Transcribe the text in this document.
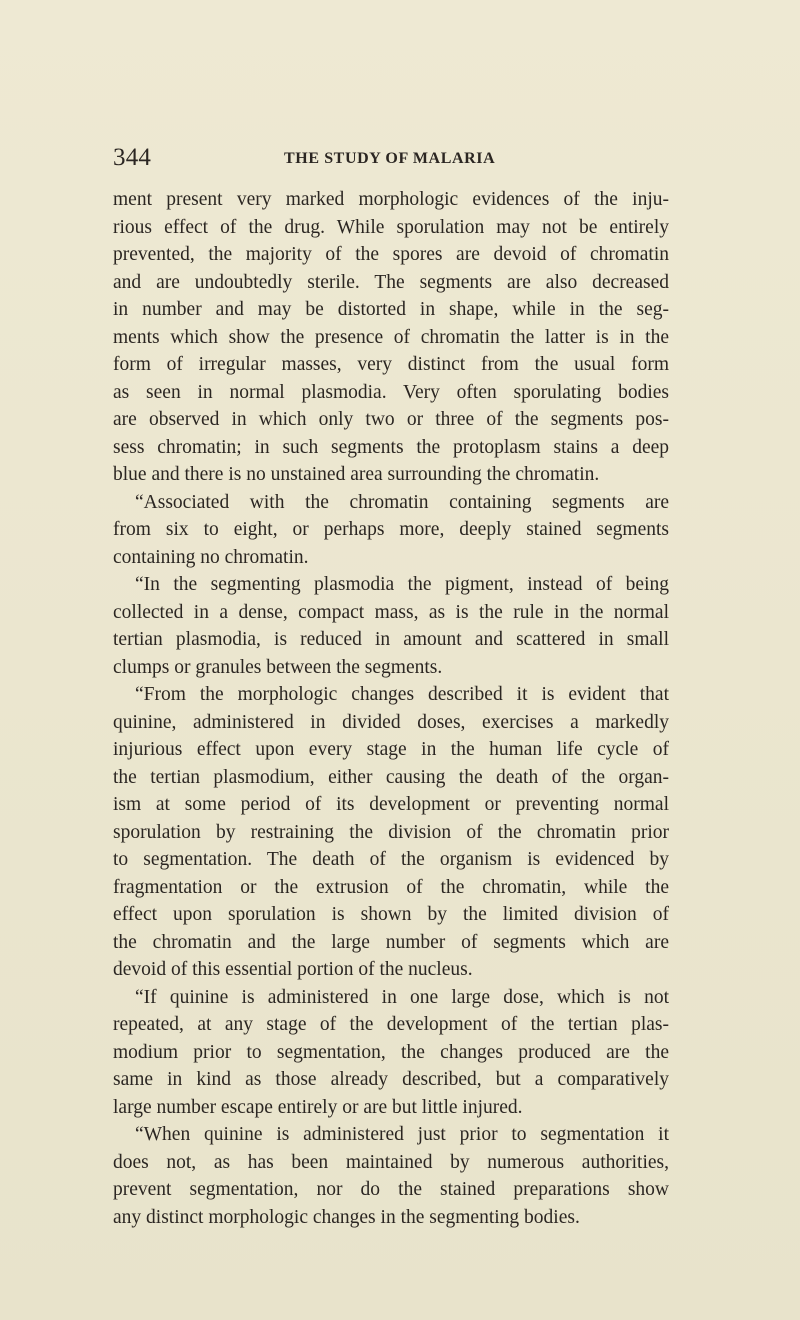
344	THE STUDY OF MALARIA
ment present very marked morphologic evidences of the inju-
rious effect of the drug. While sporulation may not be entirely
prevented, the majority of the spores are devoid of chromatin
and are undoubtedly sterile. The segments are also decreased
in number and may be distorted in shape, while in the seg-
ments which show the presence of chromatin the latter is in the
form of irregular masses, very distinct from the usual form
as seen in normal plasmodia. Very often sporulating bodies
are observed in which only two or three of the segments pos-
sess chromatin; in such segments the protoplasm stains a deep
blue and there is no unstained area surrounding the chromatin.
“Associated with the chromatin containing segments are
from six to eight, or perhaps more, deeply stained segments
containing no chromatin.
“In the segmenting plasmodia the pigment, instead of being
collected in a dense, compact mass, as is the rule in the normal
tertian plasmodia, is reduced in amount and scattered in small
clumps or granules between the segments.
“From the morphologic changes described it is evident that
quinine, administered in divided doses, exercises a markedly
injurious effect upon every stage in the human life cycle of
the tertian plasmodium, either causing the death of the organ-
ism at some period of its development or preventing normal
sporulation by restraining the division of the chromatin prior
to segmentation. The death of the organism is evidenced by
fragmentation or the extrusion of the chromatin, while the
effect upon sporulation is shown by the limited division of
the chromatin and the large number of segments which are
devoid of this essential portion of the nucleus.
“If quinine is administered in one large dose, which is not
repeated, at any stage of the development of the tertian plas-
modium prior to segmentation, the changes produced are the
same in kind as those already described, but a comparatively
large number escape entirely or are but little injured.
“When quinine is administered just prior to segmentation it
does not, as has been maintained by numerous authorities,
prevent segmentation, nor do the stained preparations show
any distinct morphologic changes in the segmenting bodies.
